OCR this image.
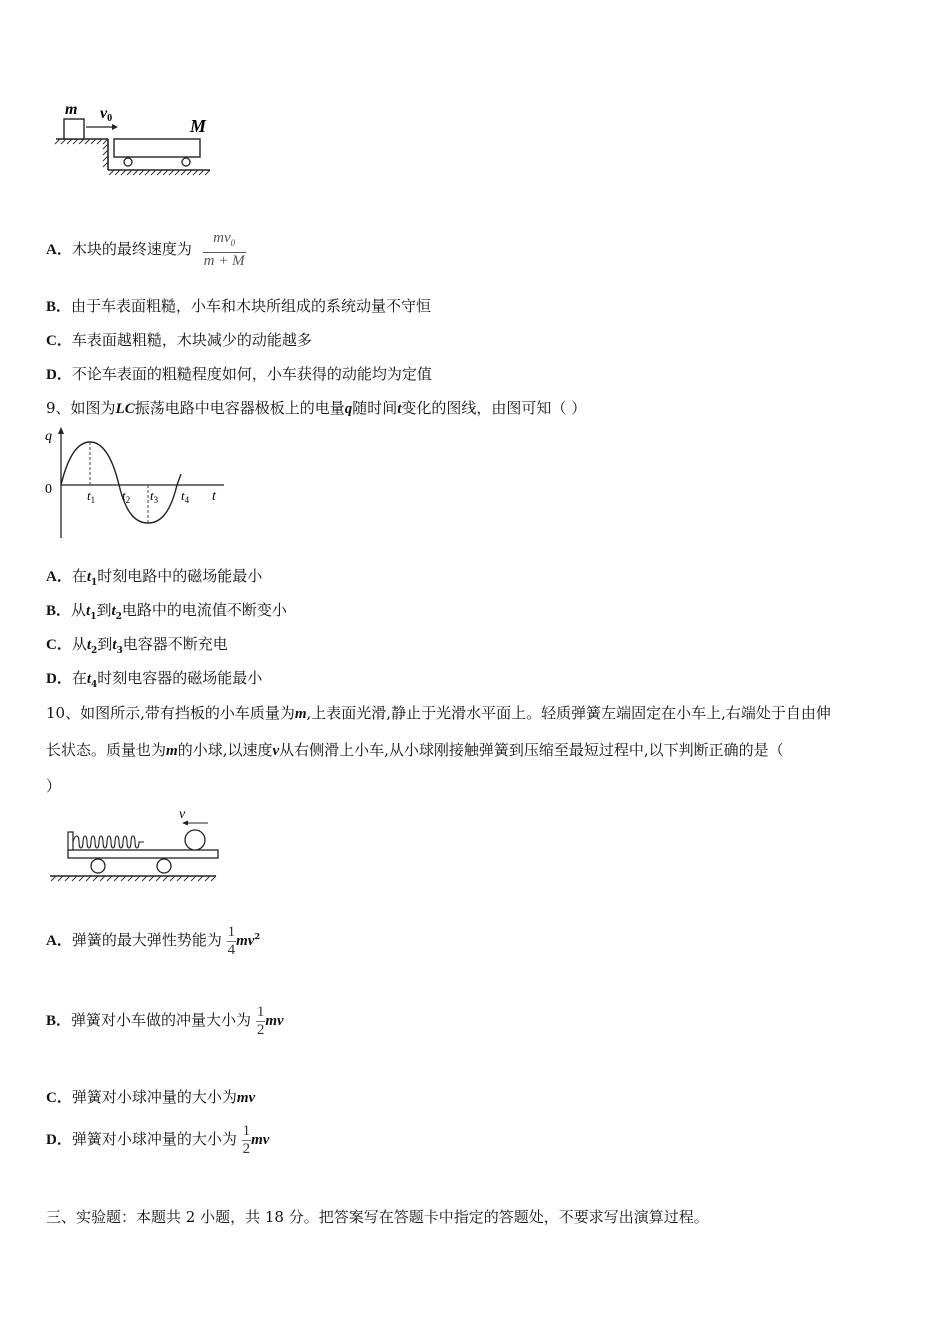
m v0	M
A．木块的最终速度为 $\frac{mv_0}{m + M}$
B．由于车表面粗糙，小车和木块所组成的系统动量不守恒
C．车表面越粗糙，木块减少的动能越多
D．不论车表面的粗糙程度如何，小车获得的动能均为定值
9、如图为LC振荡电路中电容器极板上的电量q随时间t变化的图线，由图可知（ ）
q
0	t
$t_1$ $t_2$ $t_3$ $t_4$
A．在$t_1$时刻电路中的磁场能最小
B．从$t_1$到$t_2$电路中的电流值不断变小
C．从$t_2$到$t_3$电容器不断充电
D．在$t_4$时刻电容器的磁场能最小
10、如图所示,带有挡板的小车质量为m,上表面光滑,静止于光滑水平面上。轻质弹簧左端固定在小车上,右端处于自由伸
长状态。质量也为m的小球,以速度v从右侧滑上小车,从小球刚接触弹簧到压缩至最短过程中,以下判断正确的是（
）
v
A．弹簧的最大弹性势能为 $\frac{1}{4} mv^2$
B．弹簧对小车做的冲量大小为 $\frac{1}{2}$ mv
C．弹簧对小球冲量的大小为mv
D．弹簧对小球冲量的大小为 $\frac{1}{2}$ mv
三、实验题：本题共 2 小题，共 18 分。把答案写在答题卡中指定的答题处，不要求写出演算过程。
